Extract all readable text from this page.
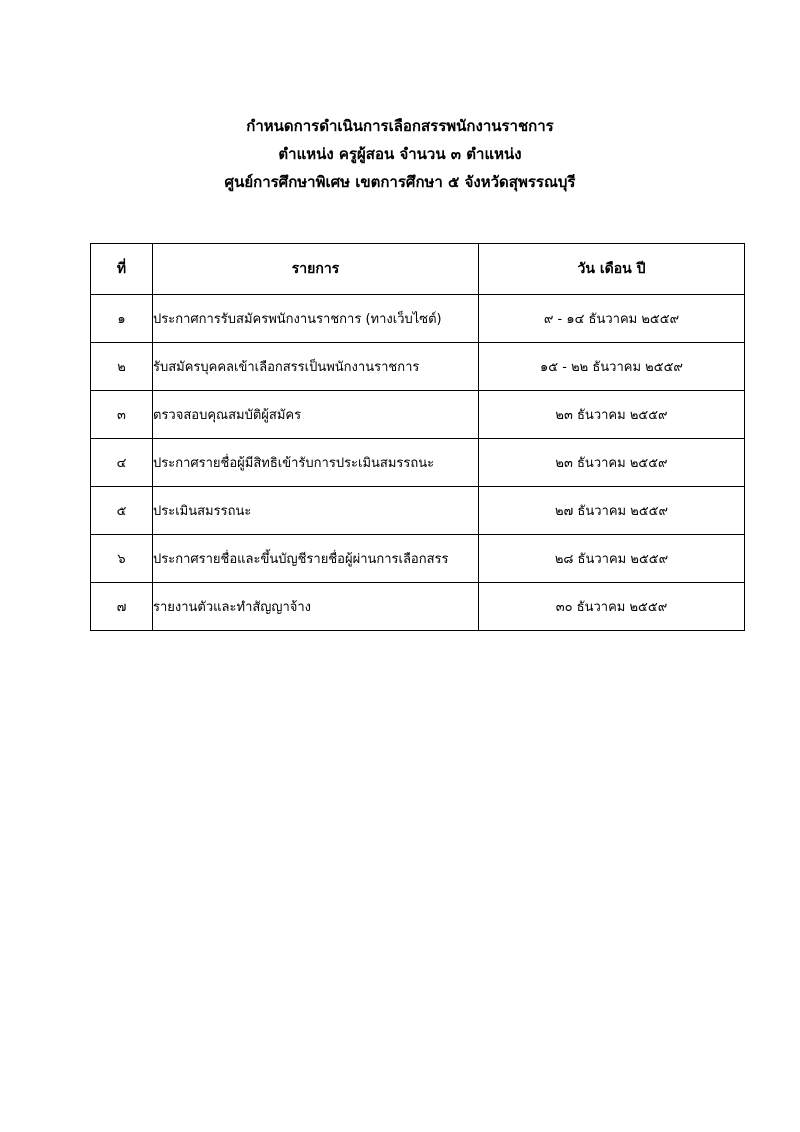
กำหนดการดำเนินการเลือกสรรพนักงานราชการ
ตำแหน่ง ครูผู้สอน จำนวน ๓ ตำแหน่ง
ศูนย์การศึกษาพิเศษ เขตการศึกษา ๕ จังหวัดสุพรรณบุรี
ที่	รายการ	วัน เดือน ปี
๑	ประกาศการรับสมัครพนักงานราชการ (ทางเว็บไซต์)	๙ - ๑๔ ธันวาคม ๒๕๕๙
๒	รับสมัครบุคคลเข้าเลือกสรรเป็นพนักงานราชการ	๑๕ - ๒๒ ธันวาคม ๒๕๕๙
๓	ตรวจสอบคุณสมบัติผู้สมัคร	๒๓ ธันวาคม ๒๕๕๙
๔	ประกาศรายชื่อผู้มีสิทธิเข้ารับการประเมินสมรรถนะ	๒๓ ธันวาคม ๒๕๕๙
๕	ประเมินสมรรถนะ	๒๗ ธันวาคม ๒๕๕๙
๖	ประกาศรายชื่อและขึ้นบัญชีรายชื่อผู้ผ่านการเลือกสรร	๒๘ ธันวาคม ๒๕๕๙
๗	รายงานตัวและทำสัญญาจ้าง	๓๐ ธันวาคม ๒๕๕๙
